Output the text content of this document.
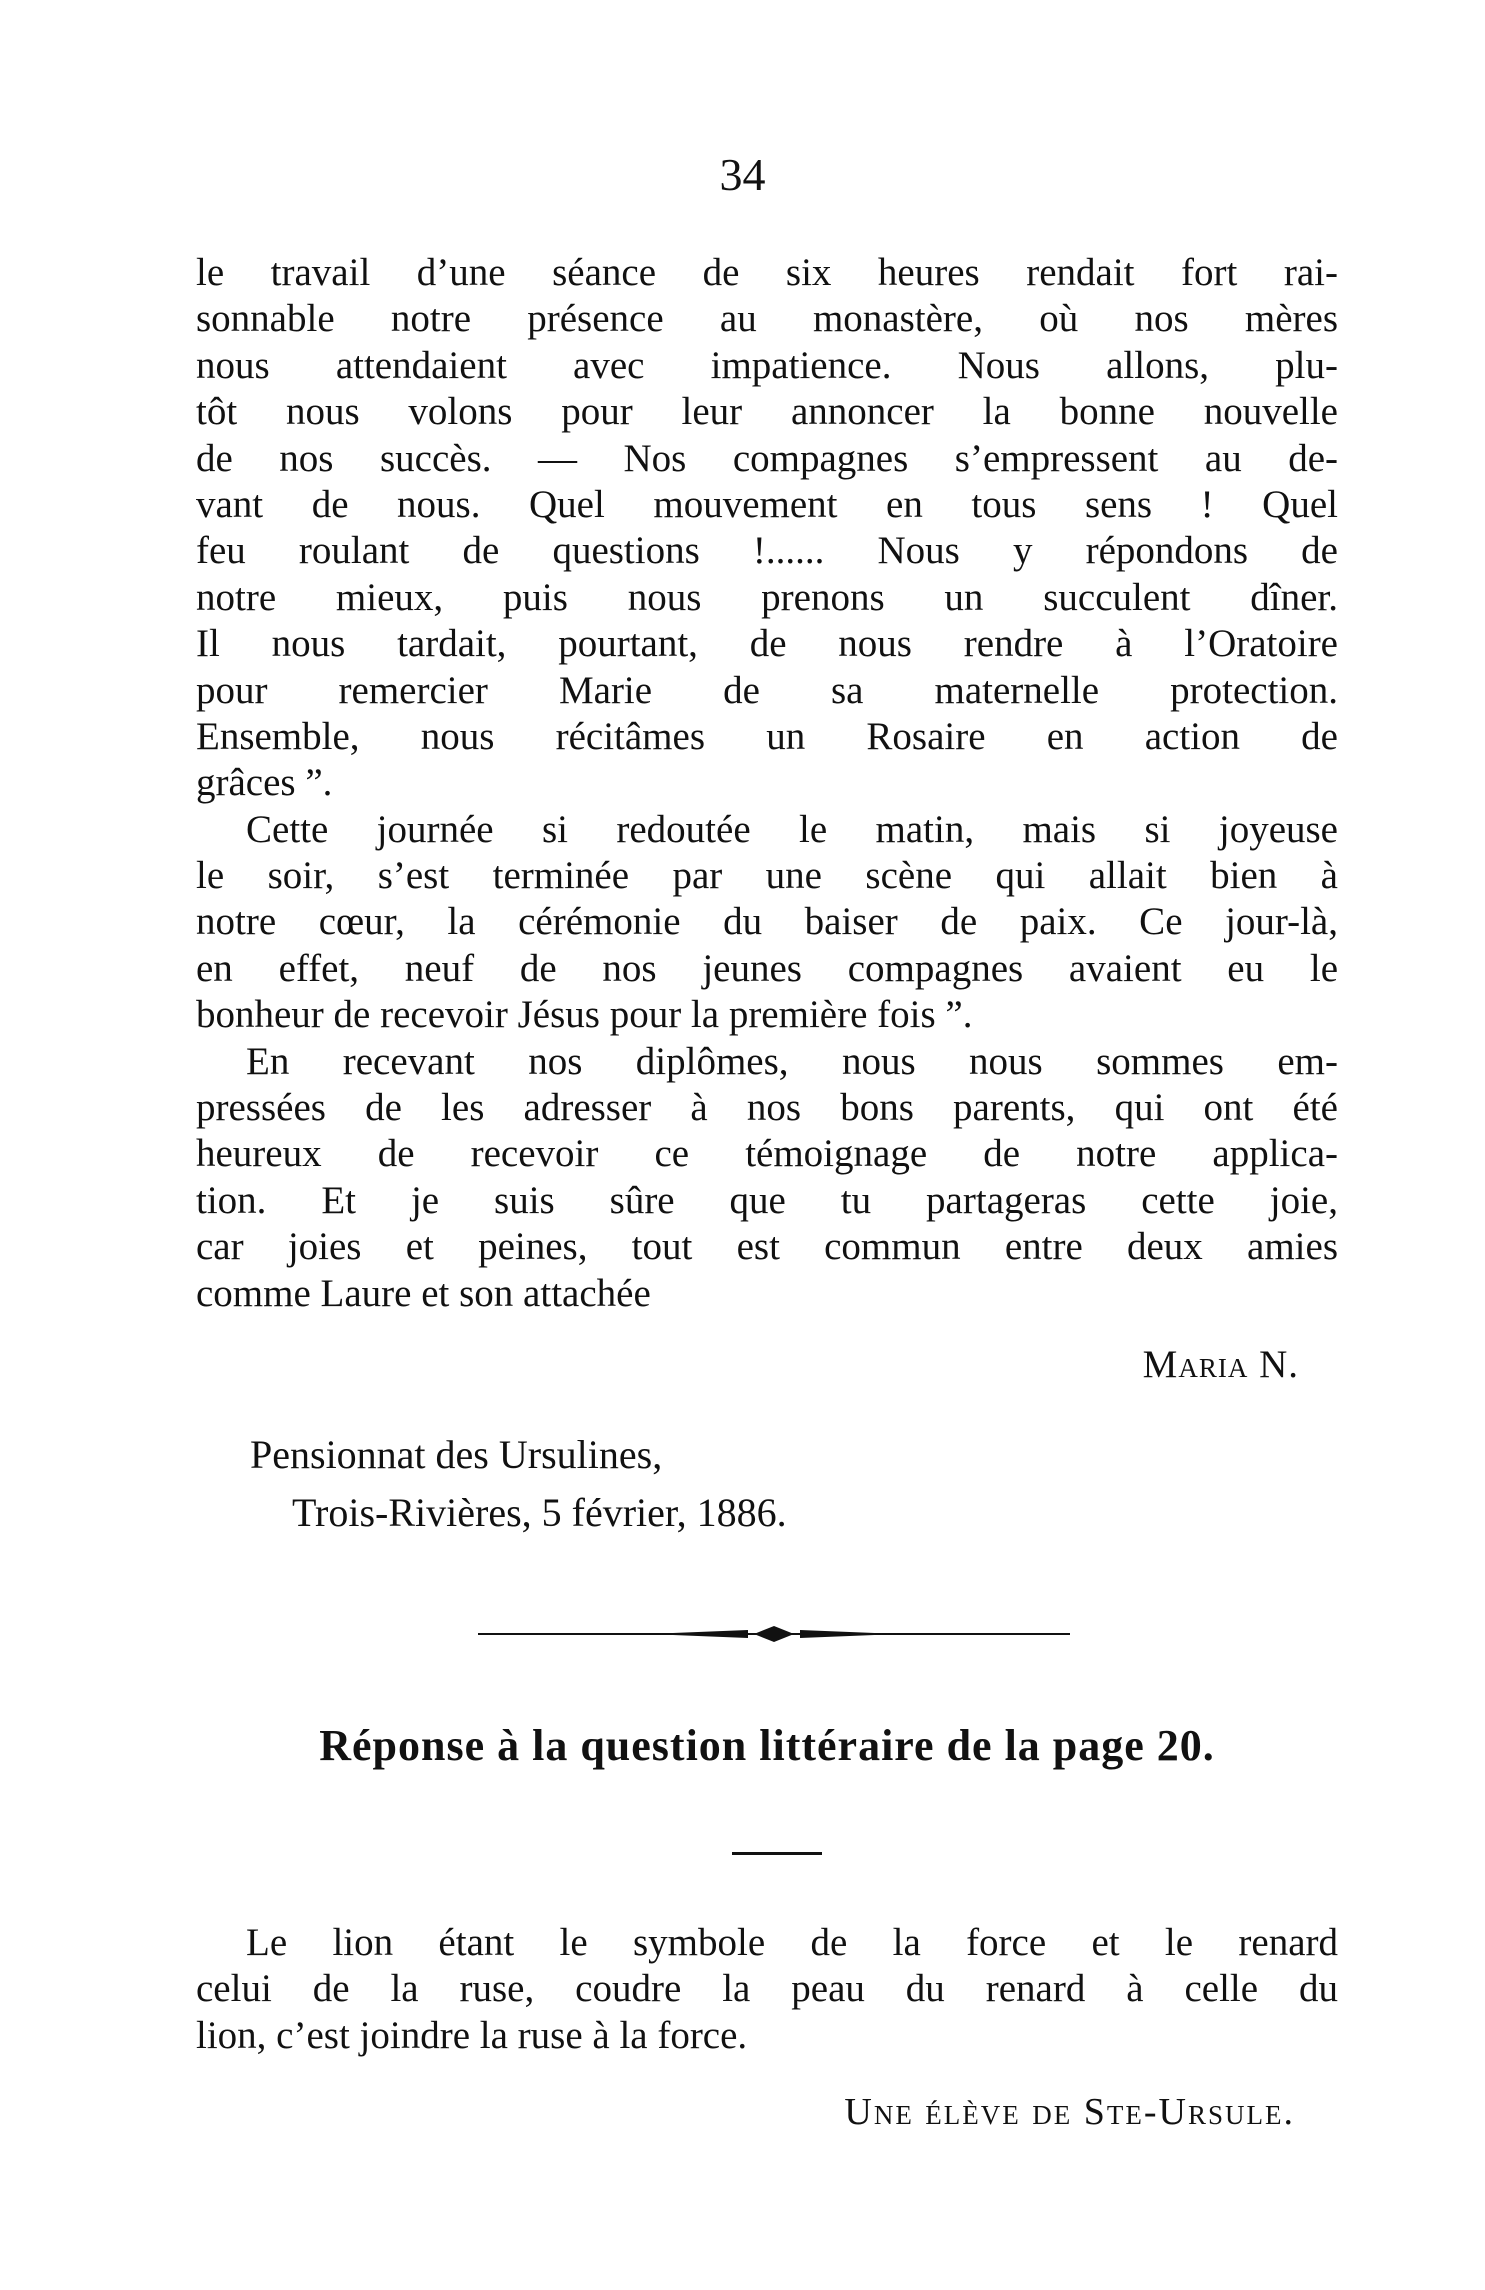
34
le travail d’une séance de six heures rendait fort rai-
sonnable notre présence au monastère, où nos mères
nous attendaient avec impatience. Nous allons, plu-
tôt nous volons pour leur annoncer la bonne nouvelle
de nos succès. — Nos compagnes s’empressent au de-
vant de nous. Quel mouvement en tous sens ! Quel
feu roulant de questions !...... Nous y répondons de
notre mieux, puis nous prenons un succulent dîner.
Il nous tardait, pourtant, de nous rendre à l’Oratoire
pour remercier Marie de sa maternelle protection.
Ensemble, nous récitâmes un Rosaire en action de
grâces ”.
Cette journée si redoutée le matin, mais si joyeuse
le soir, s’est terminée par une scène qui allait bien à
notre cœur, la cérémonie du baiser de paix. Ce jour-là,
en effet, neuf de nos jeunes compagnes avaient eu le
bonheur de recevoir Jésus pour la première fois ”.
En recevant nos diplômes, nous nous sommes em-
pressées de les adresser à nos bons parents, qui ont été
heureux de recevoir ce témoignage de notre applica-
tion. Et je suis sûre que tu partageras cette joie,
car joies et peines, tout est commun entre deux amies
comme Laure et son attachée
Maria N.
Pensionnat des Ursulines,
Trois-Rivières, 5 février, 1886.
Réponse à la question littéraire de la page 20.
Le lion étant le symbole de la force et le renard
celui de la ruse, coudre la peau du renard à celle du
lion, c’est joindre la ruse à la force.
Une élève de Ste-Ursule.
